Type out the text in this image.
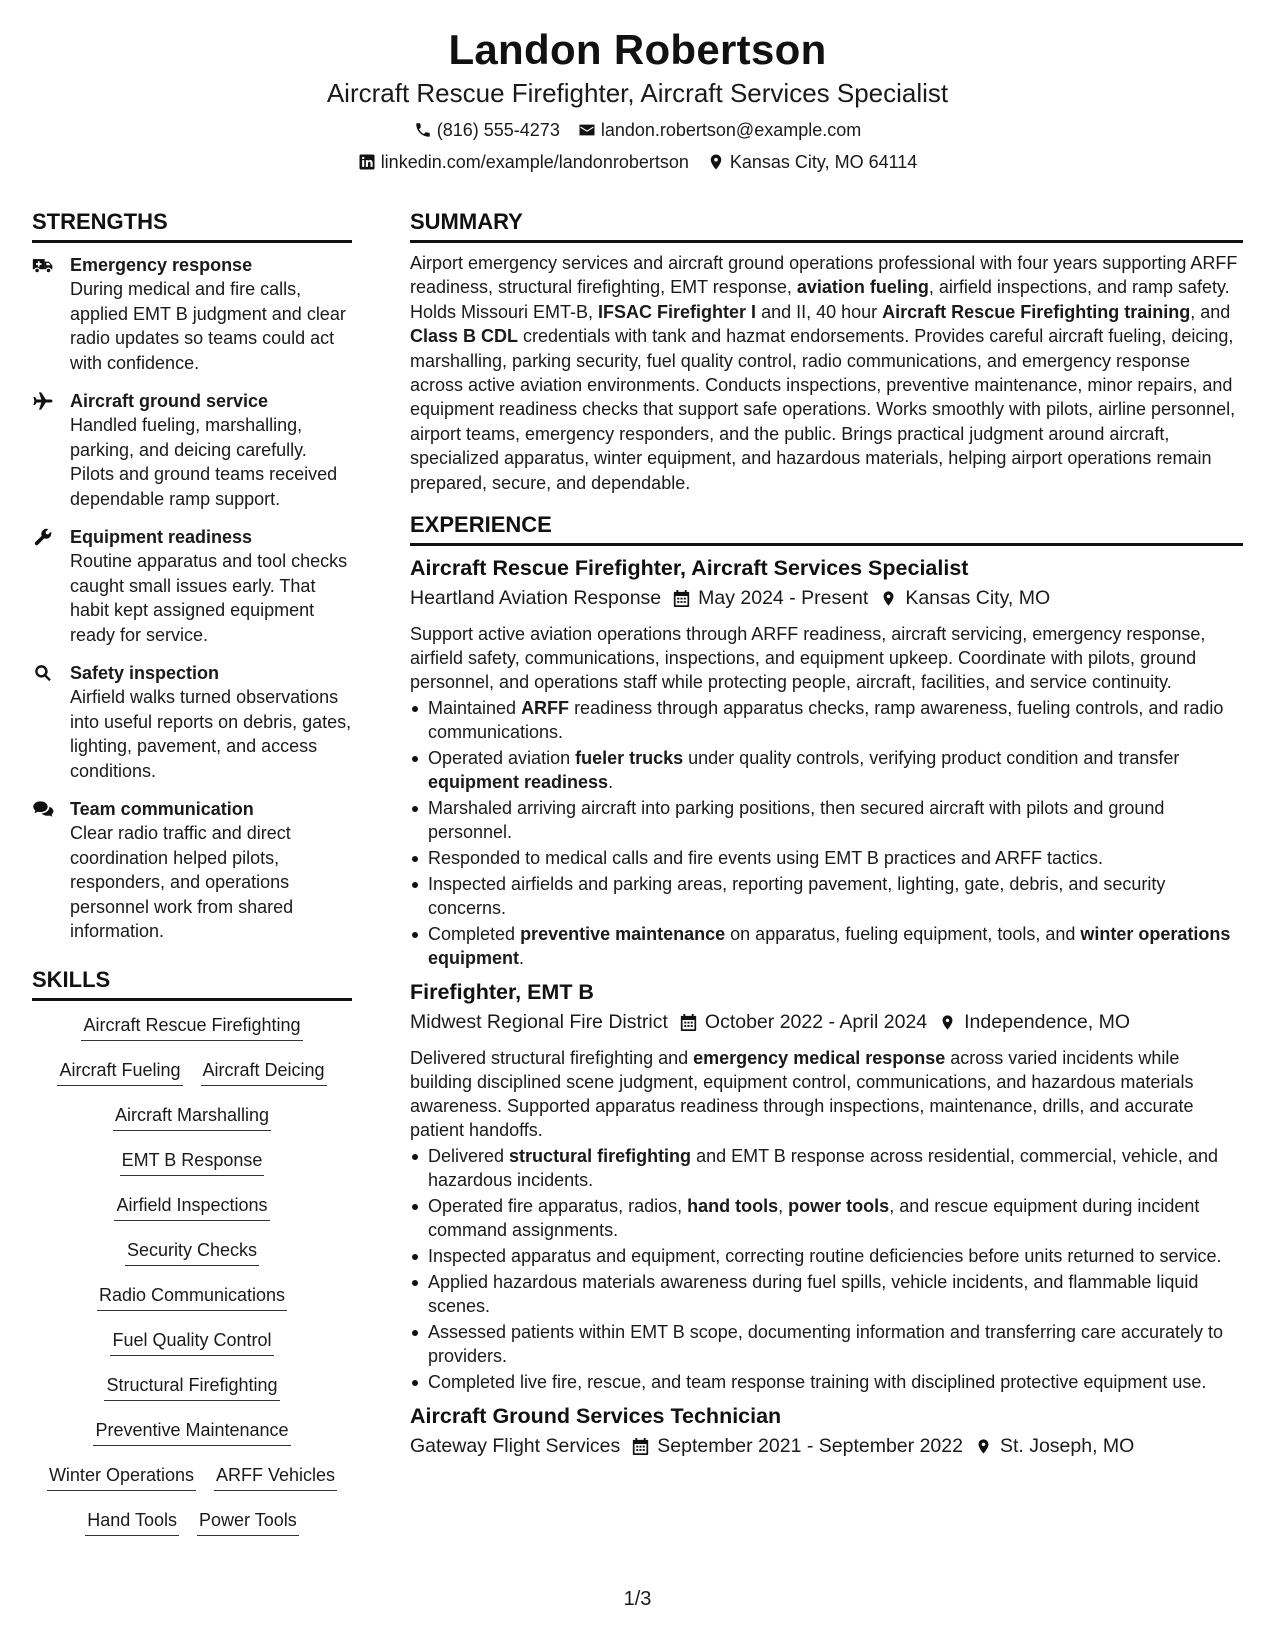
Landon Robertson
Aircraft Rescue Firefighter, Aircraft Services Specialist
(816) 555-4273 landon.robertson@example.com
linkedin.com/example/landonrobertson Kansas City, MO 64114
STRENGTHS
Emergency response
During medical and fire calls, applied EMT B judgment and clear radio updates so teams could act with confidence.
Aircraft ground service
Handled fueling, marshalling, parking, and deicing carefully. Pilots and ground teams received dependable ramp support.
Equipment readiness
Routine apparatus and tool checks caught small issues early. That habit kept assigned equipment ready for service.
Safety inspection
Airfield walks turned observations into useful reports on debris, gates, lighting, pavement, and access conditions.
Team communication
Clear radio traffic and direct coordination helped pilots, responders, and operations personnel work from shared information.
SKILLS
Aircraft Rescue Firefighting
Aircraft Fueling Aircraft Deicing
Aircraft Marshalling
EMT B Response
Airfield Inspections
Security Checks
Radio Communications
Fuel Quality Control
Structural Firefighting
Preventive Maintenance
Winter Operations ARFF Vehicles
Hand Tools Power Tools
SUMMARY

Airport emergency services and aircraft ground operations professional with four years supporting ARFF readiness, structural firefighting, EMT response, aviation fueling, airfield inspections, and ramp safety. Holds Missouri EMT-B, IFSAC Firefighter I and II, 40 hour Aircraft Rescue Firefighting training, and Class B CDL credentials with tank and hazmat endorsements. Provides careful aircraft fueling, deicing, marshalling, parking security, fuel quality control, radio communications, and emergency response across active aviation environments. Conducts inspections, preventive maintenance, minor repairs, and equipment readiness checks that support safe operations. Works smoothly with pilots, airline personnel, airport teams, emergency responders, and the public. Brings practical judgment around aircraft, specialized apparatus, winter equipment, and hazardous materials, helping airport operations remain prepared, secure, and dependable.

EXPERIENCE
Aircraft Rescue Firefighter, Aircraft Services Specialist
Heartland Aviation Response May 2024 - Present Kansas City, MO

Support active aviation operations through ARFF readiness, aircraft servicing, emergency response, airfield safety, communications, inspections, and equipment upkeep. Coordinate with pilots, ground personnel, and operations staff while protecting people, aircraft, facilities, and service continuity.

Maintained ARFF readiness through apparatus checks, ramp awareness, fueling controls, and radio communications.
Operated aviation fueler trucks under quality controls, verifying product condition and transfer equipment readiness.
Marshaled arriving aircraft into parking positions, then secured aircraft with pilots and ground personnel.
Responded to medical calls and fire events using EMT B practices and ARFF tactics.
Inspected airfields and parking areas, reporting pavement, lighting, gate, debris, and security concerns.
Completed preventive maintenance on apparatus, fueling equipment, tools, and winter operations equipment.
Firefighter, EMT B
Midwest Regional Fire District October 2022 - April 2024 Independence, MO

Delivered structural firefighting and emergency medical response across varied incidents while building disciplined scene judgment, equipment control, communications, and hazardous materials awareness. Supported apparatus readiness through inspections, maintenance, drills, and accurate patient handoffs.

Delivered structural firefighting and EMT B response across residential, commercial, vehicle, and hazardous incidents.
Operated fire apparatus, radios, hand tools, power tools, and rescue equipment during incident command assignments.
Inspected apparatus and equipment, correcting routine deficiencies before units returned to service.
Applied hazardous materials awareness during fuel spills, vehicle incidents, and flammable liquid scenes.
Assessed patients within EMT B scope, documenting information and transferring care accurately to providers.
Completed live fire, rescue, and team response training with disciplined protective equipment use.
Aircraft Ground Services Technician
Gateway Flight Services September 2021 - September 2022 St. Joseph, MO
1/3
